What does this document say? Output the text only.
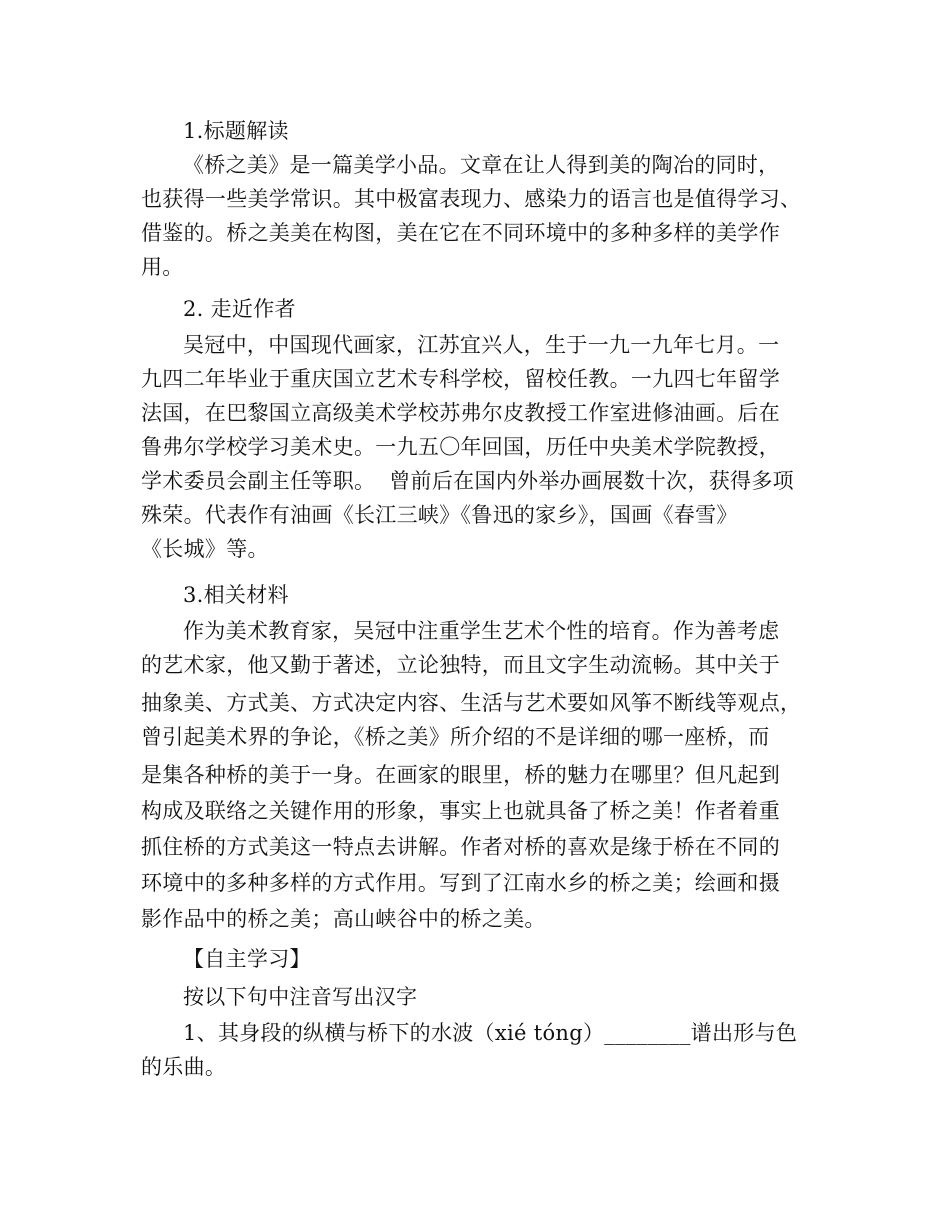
1.标题解读
《桥之美》是一篇美学小品。文章在让人得到美的陶冶的同时，
也获得一些美学常识。其中极富表现力、感染力的语言也是值得学习、
借鉴的。桥之美美在构图，美在它在不同环境中的多种多样的美学作
用。
2. 走近作者
吴冠中，中国现代画家，江苏宜兴人，生于一九一九年七月。一
九四二年毕业于重庆国立艺术专科学校，留校任教。一九四七年留学
法国，在巴黎国立高级美术学校苏弗尔皮教授工作室进修油画。后在
鲁弗尔学校学习美术史。一九五〇年回国，历任中央美术学院教授，
学术委员会副主任等职。  曾前后在国内外举办画展数十次，获得多项
殊荣。代表作有油画《长江三峡》《鲁迅的家乡》，国画《春雪》
《长城》等。
3.相关材料
作为美术教育家，吴冠中注重学生艺术个性的培育。作为善考虑
的艺术家，他又勤于著述，立论独特，而且文字生动流畅。其中关于
抽象美、方式美、方式决定内容、生活与艺术要如风筝不断线等观点，
曾引起美术界的争论，《桥之美》所介绍的不是详细的哪一座桥，而
是集各种桥的美于一身。在画家的眼里，桥的魅力在哪里？但凡起到
构成及联络之关键作用的形象，事实上也就具备了桥之美！作者着重
抓住桥的方式美这一特点去讲解。作者对桥的喜欢是缘于桥在不同的
环境中的多种多样的方式作用。写到了江南水乡的桥之美；绘画和摄
影作品中的桥之美；高山峡谷中的桥之美。
【自主学习】
按以下句中注音写出汉字
1、其身段的纵横与桥下的水波（xié tóng）________谱出形与色
的乐曲。
